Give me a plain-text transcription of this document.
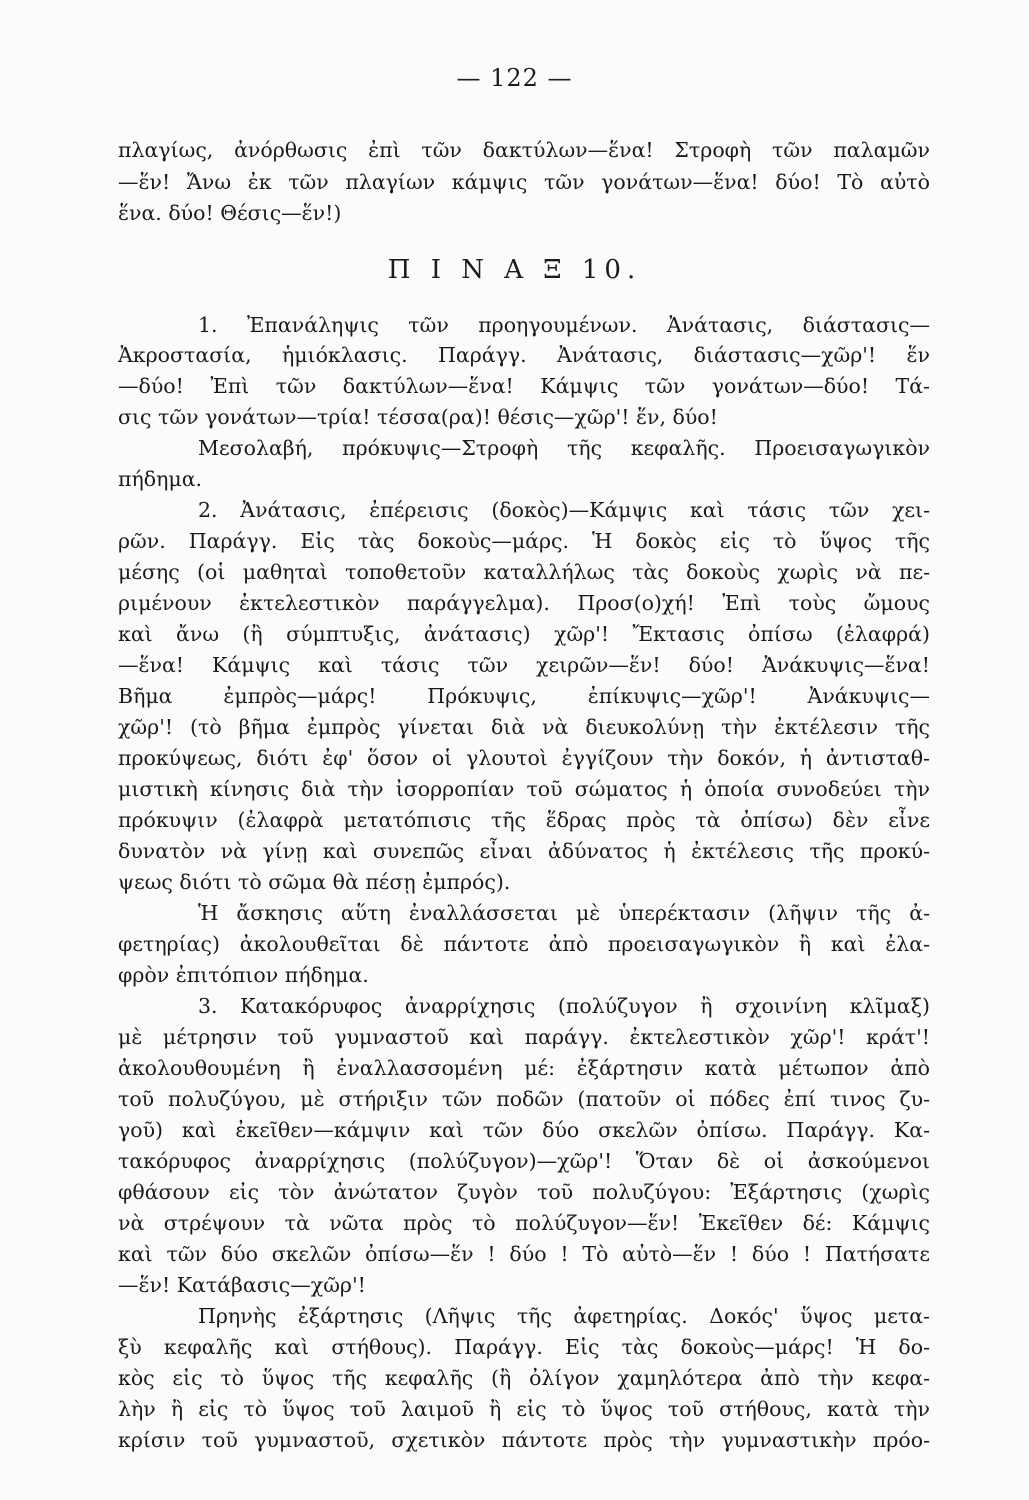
— 122 —
πλαγίως, ἀνόρθωσις ἐπὶ τῶν δακτύλων—ἕνα! Στροφὴ τῶν παλαμῶν
—ἕν! Ἄνω ἐκ τῶν πλαγίων κάμψις τῶν γονάτων—ἕνα! δύο! Τὸ αὐτὸ
ἕνα. δύο! Θέσις—ἕν!)
Π Ι Ν Α Ξ 10.
1. Ἐπανάληψις τῶν προηγουμένων. Ἀνάτασις, διάστασις—
Ἀκροστασία, ἡμιόκλασις. Παράγγ. Ἀνάτασις, διάστασις—χῶρ'! ἕν
—δύο! Ἐπὶ τῶν δακτύλων—ἕνα! Κάμψις τῶν γονάτων—δύο! Τά-
σις τῶν γονάτων—τρία! τέσσα(ρα)! θέσις—χῶρ'! ἕν, δύο!
Μεσολαβή, πρόκυψις—Στροφὴ τῆς κεφαλῆς. Προεισαγωγικὸν
πήδημα.
2. Ἀνάτασις, ἐπέρεισις (δοκὸς)—Κάμψις καὶ τάσις τῶν χει-
ρῶν. Παράγγ. Εἰς τὰς δοκοὺς—μάρς. Ἡ δοκὸς εἰς τὸ ὕψος τῆς
μέσης (οἱ μαθηταὶ τοποθετοῦν καταλλήλως τὰς δοκοὺς χωρὶς νὰ πε-
ριμένουν ἐκτελεστικὸν παράγγελμα). Προσ(ο)χή! Ἐπὶ τοὺς ὤμους
καὶ ἄνω (ἢ σύμπτυξις, ἀνάτασις) χῶρ'! Ἔκτασις ὀπίσω (ἐλαφρά)
—ἕνα! Κάμψις καὶ τάσις τῶν χειρῶν—ἕν! δύο! Ἀνάκυψις—ἕνα!
Βῆμα ἐμπρὸς—μάρς! Πρόκυψις, ἐπίκυψις—χῶρ'! Ἀνάκυψις—
χῶρ'! (τὸ βῆμα ἐμπρὸς γίνεται διὰ νὰ διευκολύνῃ τὴν ἐκτέλεσιν τῆς
προκύψεως, διότι ἐφ' ὅσον οἱ γλουτοὶ ἐγγίζουν τὴν δοκόν, ἡ ἀντισταθ-
μιστικὴ κίνησις διὰ τὴν ἰσορροπίαν τοῦ σώματος ἡ ὁποία συνοδεύει τὴν
πρόκυψιν (ἐλαφρὰ μετατόπισις τῆς ἕδρας πρὸς τὰ ὀπίσω) δὲν εἶνε
δυνατὸν νὰ γίνῃ καὶ συνεπῶς εἶναι ἀδύνατος ἡ ἐκτέλεσις τῆς προκύ-
ψεως διότι τὸ σῶμα θὰ πέσῃ ἐμπρός).
Ἡ ἄσκησις αὕτη ἐναλλάσσεται μὲ ὑπερέκτασιν (λῆψιν τῆς ἀ-
φετηρίας) ἀκολουθεῖται δὲ πάντοτε ἀπὸ προεισαγωγικὸν ἢ καὶ ἐλα-
φρὸν ἐπιτόπιον πήδημα.
3. Κατακόρυφος ἀναρρίχησις (πολύζυγον ἢ σχοινίνη κλῖμαξ)
μὲ μέτρησιν τοῦ γυμναστοῦ καὶ παράγγ. ἐκτελεστικὸν χῶρ'! κράτ'!
ἀκολουθουμένη ἢ ἐναλλασσομένη μέ: ἐξάρτησιν κατὰ μέτωπον ἀπὸ
τοῦ πολυζύγου, μὲ στήριξιν τῶν ποδῶν (πατοῦν οἱ πόδες ἐπί τινος ζυ-
γοῦ) καὶ ἐκεῖθεν—κάμψιν καὶ τῶν δύο σκελῶν ὀπίσω. Παράγγ. Κα-
τακόρυφος ἀναρρίχησις (πολύζυγον)—χῶρ'! Ὅταν δὲ οἱ ἀσκούμενοι
φθάσουν εἰς τὸν ἀνώτατον ζυγὸν τοῦ πολυζύγου: Ἐξάρτησις (χωρὶς
νὰ στρέψουν τὰ νῶτα πρὸς τὸ πολύζυγον—ἕν! Ἐκεῖθεν δέ: Κάμψις
καὶ τῶν δύο σκελῶν ὀπίσω—ἕν ! δύο ! Τὸ αὐτὸ—ἕν ! δύο ! Πατήσατε
—ἕν! Κατάβασις—χῶρ'!
Πρηνὴς ἐξάρτησις (Λῆψις τῆς ἀφετηρίας. Δοκός' ὕψος μετα-
ξὺ κεφαλῆς καὶ στήθους). Παράγγ. Εἰς τὰς δοκοὺς—μάρς! Ἡ δο-
κὸς εἰς τὸ ὕψος τῆς κεφαλῆς (ἢ ὀλίγον χαμηλότερα ἀπὸ τὴν κεφα-
λὴν ἢ εἰς τὸ ὕψος τοῦ λαιμοῦ ἢ εἰς τὸ ὕψος τοῦ στήθους, κατὰ τὴν
κρίσιν τοῦ γυμναστοῦ, σχετικὸν πάντοτε πρὸς τὴν γυμναστικὴν πρόο-
